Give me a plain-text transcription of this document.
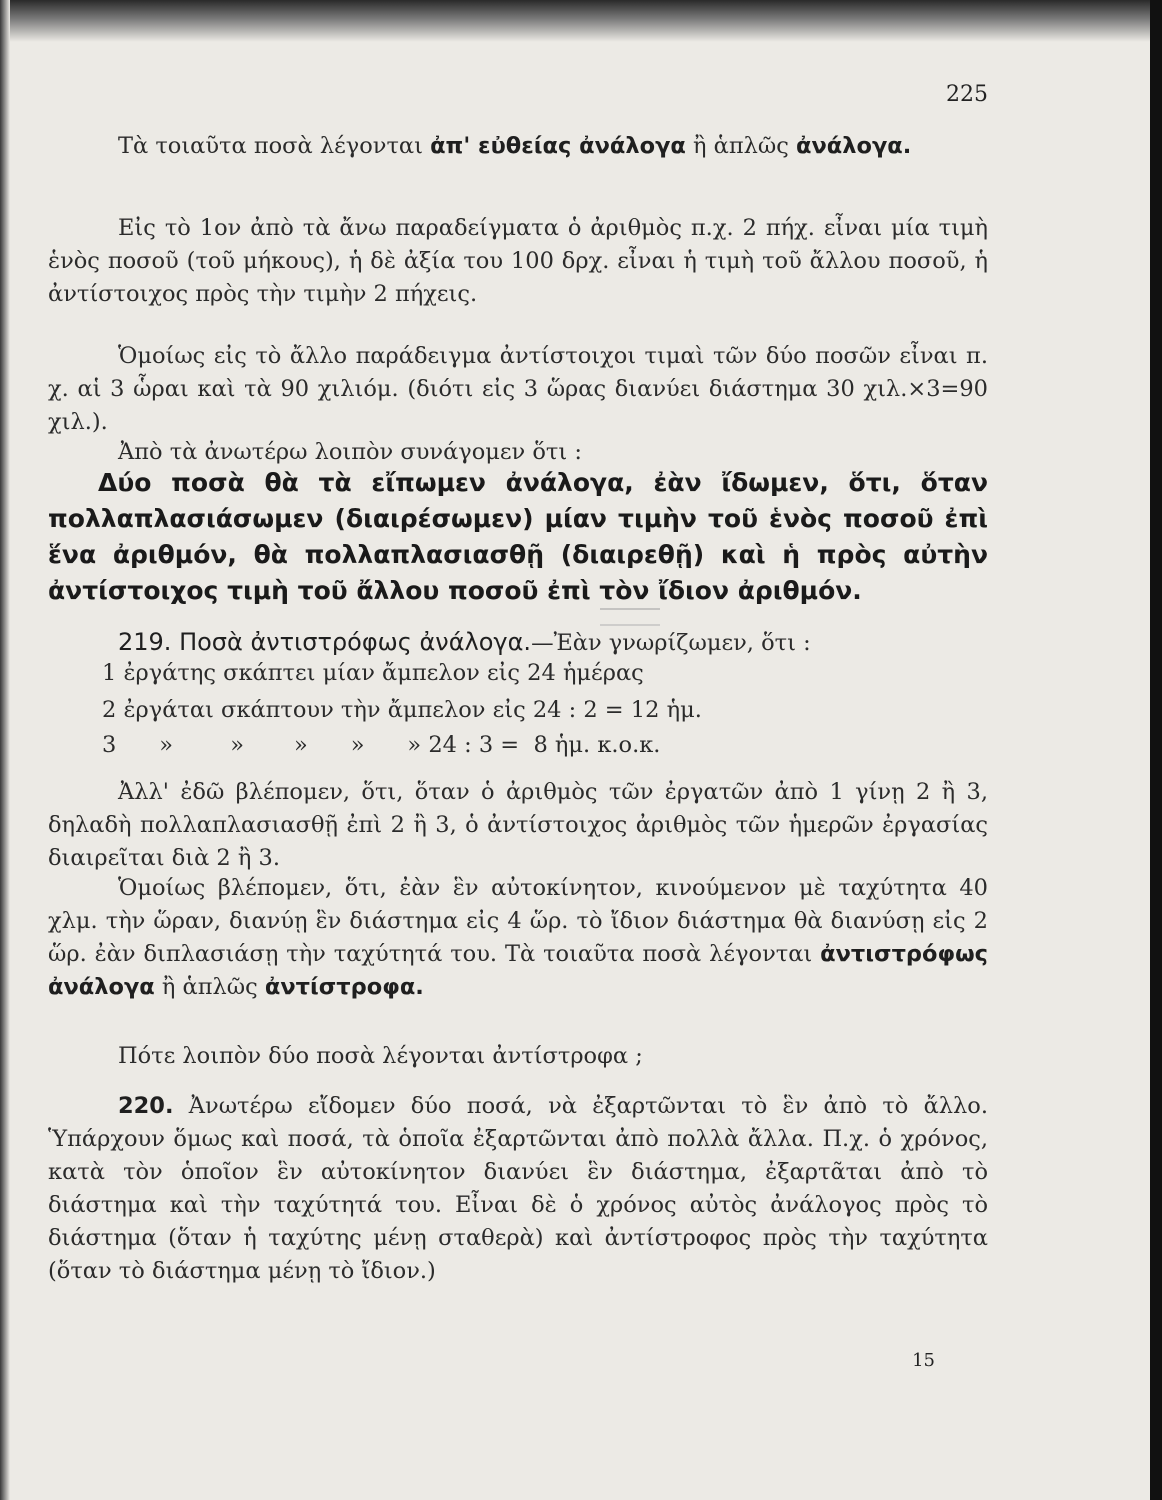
225
Τὰ τοιαῦτα ποσὰ λέγονται ἀπ' εὐθείας ἀνάλογα ἢ ἁπλῶς ἀνάλογα.
Εἰς τὸ 1ον ἀπὸ τὰ ἄνω παραδείγματα ὁ ἀριθμὸς π.χ. 2 πήχ. εἶναι μία τιμὴ ἑνὸς ποσοῦ (τοῦ μήκους), ἡ δὲ ἀξία του 100 δρχ. εἶναι ἡ τιμὴ τοῦ ἄλλου ποσοῦ, ἡ ἀντίστοιχος πρὸς τὴν τιμὴν 2 πήχεις.
Ὁμοίως εἰς τὸ ἄλλο παράδειγμα ἀντίστοιχοι τιμαὶ τῶν δύο ποσῶν εἶναι π. χ. αἱ 3 ὧραι καὶ τὰ 90 χιλιόμ. (διότι εἰς 3 ὥρας διανύει διάστημα 30 χιλ.×3=90 χιλ.).
Ἀπὸ τὰ ἀνωτέρω λοιπὸν συνάγομεν ὅτι :
Δύο ποσὰ θὰ τὰ εἴπωμεν ἀνάλογα, ἐὰν ἴδωμεν, ὅτι, ὅταν πολλαπλασιάσωμεν (διαιρέσωμεν) μίαν τιμὴν τοῦ ἑνὸς ποσοῦ ἐπὶ ἕνα ἀριθμόν, θὰ πολλαπλασιασθῇ (διαιρεθῇ) καὶ ἡ πρὸς αὐτὴν ἀντίστοιχος τιμὴ τοῦ ἄλλου ποσοῦ ἐπὶ τὸν ἴδιον ἀριθμόν.
219. Ποσὰ ἀντιστρόφως ἀνάλογα.—Ἐὰν γνωρίζωμεν, ὅτι :
1 ἐργάτης σκάπτει μίαν ἄμπελον εἰς 24 ἡμέρας
2 ἐργάται σκάπτουν τὴν ἄμπελον εἰς 24 : 2 = 12 ἡμ.
3      »        »       »      »      » 24 : 3 =  8 ἡμ. κ.ο.κ.
Ἀλλ' ἐδῶ βλέπομεν, ὅτι, ὅταν ὁ ἀριθμὸς τῶν ἐργατῶν ἀπὸ 1 γίνῃ 2 ἢ 3, δηλαδὴ πολλαπλασιασθῇ ἐπὶ 2 ἢ 3, ὁ ἀντίστοιχος ἀριθμὸς τῶν ἡμερῶν ἐργασίας διαιρεῖται διὰ 2 ἢ 3.
Ὁμοίως βλέπομεν, ὅτι, ἐὰν ἓν αὐτοκίνητον, κινούμενον μὲ ταχύτητα 40 χλμ. τὴν ὥραν, διανύῃ ἓν διάστημα εἰς 4 ὥρ. τὸ ἴδιον διάστημα θὰ διανύσῃ εἰς 2 ὥρ. ἐὰν διπλασιάσῃ τὴν ταχύτητά του. Τὰ τοιαῦτα ποσὰ λέγονται ἀντιστρόφως ἀνάλογα ἢ ἁπλῶς ἀντίστροφα.
Πότε λοιπὸν δύο ποσὰ λέγονται ἀντίστροφα ;
220. Ἀνωτέρω εἴδομεν δύο ποσά, νὰ ἐξαρτῶνται τὸ ἓν ἀπὸ τὸ ἄλλο. Ὑπάρχουν ὅμως καὶ ποσά, τὰ ὁποῖα ἐξαρτῶνται ἀπὸ πολλὰ ἄλλα. Π.χ. ὁ χρόνος, κατὰ τὸν ὁποῖον ἓν αὐτοκίνητον διανύει ἓν διάστημα, ἐξαρτᾶται ἀπὸ τὸ διάστημα καὶ τὴν ταχύτητά του. Εἶναι δὲ ὁ χρόνος αὐτὸς ἀνάλογος πρὸς τὸ διάστημα (ὅταν ἡ ταχύτης μένῃ σταθερὰ) καὶ ἀντίστροφος πρὸς τὴν ταχύτητα (ὅταν τὸ διάστημα μένῃ τὸ ἴδιον.)
15
